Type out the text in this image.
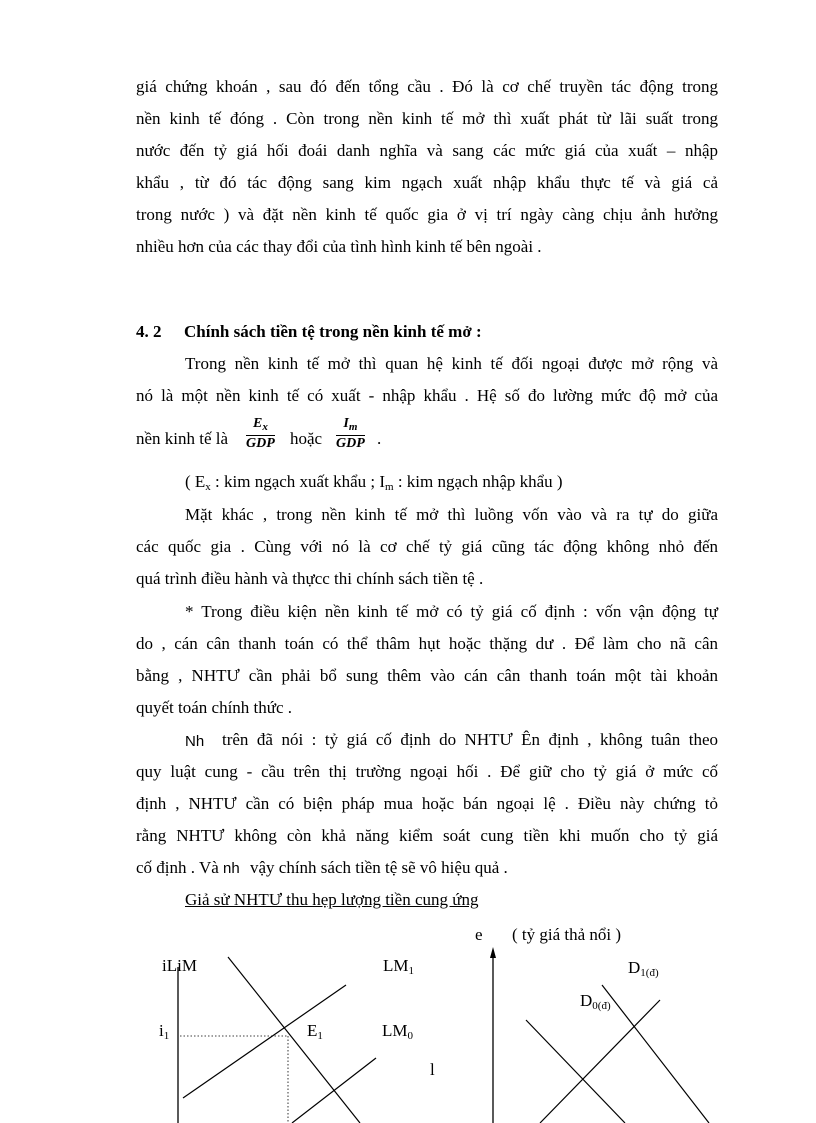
giá chứng khoán , sau đó đến tổng cầu . Đó là cơ chế truyền tác động trong
nền kinh tế đóng . Còn trong nền kinh tế mở thì xuất phát từ lãi suất trong
nước đến tỷ giá hối đoái danh nghĩa và sang các mức giá của xuất – nhập
khẩu , từ đó tác động sang kim ngạch xuất nhập khẩu thực tế và giá cả
trong nước ) và đặt nền kinh tế quốc gia ở vị trí ngày càng chịu ảnh hưởng
nhiều hơn của các thay đổi của tình hình kinh tế bên ngoài .
4. 2 Chính sách tiền tệ trong nền kinh tế mở :
Trong nền kinh tế mở thì quan hệ kinh tế đối ngoại được mở rộng và
nó là một nền kinh tế có xuất - nhập khẩu . Hệ số đo lường mức độ mở của
nền kinh tế là
$E_x$
GDP hoặc
$I_m$
GDP .
( $E_x$ : kim ngạch xuất khẩu ; $I_m$ : kim ngạch nhập khẩu )
Mặt khác , trong nền kinh tế mở thì luồng vốn vào và ra tự do giữa
các quốc gia . Cùng với nó là cơ chế tỷ giá cũng tác động không nhỏ đến
quá trình điều hành và thựcc thi chính sách tiền tệ .
* Trong điều kiện nền kinh tế mở có tỷ giá cố định : vốn vận động tự
do , cán cân thanh toán có thể thâm hụt hoặc thặng dư . Để làm cho nã cân
bằng , NHTƯ cần phải bổ sung thêm vào cán cân thanh toán một tài khoản
quyết toán chính thức .
Nh trên đã nói : tỷ giá cố định do NHTƯ Ên định , không tuân theo
quy luật cung - cầu trên thị trường ngoại hối . Để giữ cho tỷ giá ở mức cố
định , NHTƯ cần có biện pháp mua hoặc bán ngoại lệ . Điều này chứng tỏ
rằng NHTƯ không còn khả năng kiểm soát cung tiền khi muốn cho tỷ giá
cố định . Và nh vậy chính sách tiền tệ sẽ vô hiệu quả .
Giả sử NHTƯ thu hẹp lượng tiền cung ứng
iLiM	$LM_1$
$i_1$	$E_1$	$LM_0$
l
e ( tỷ giá thả nổi )
$D_{1(đ)}$
$D_{0(đ)}$
